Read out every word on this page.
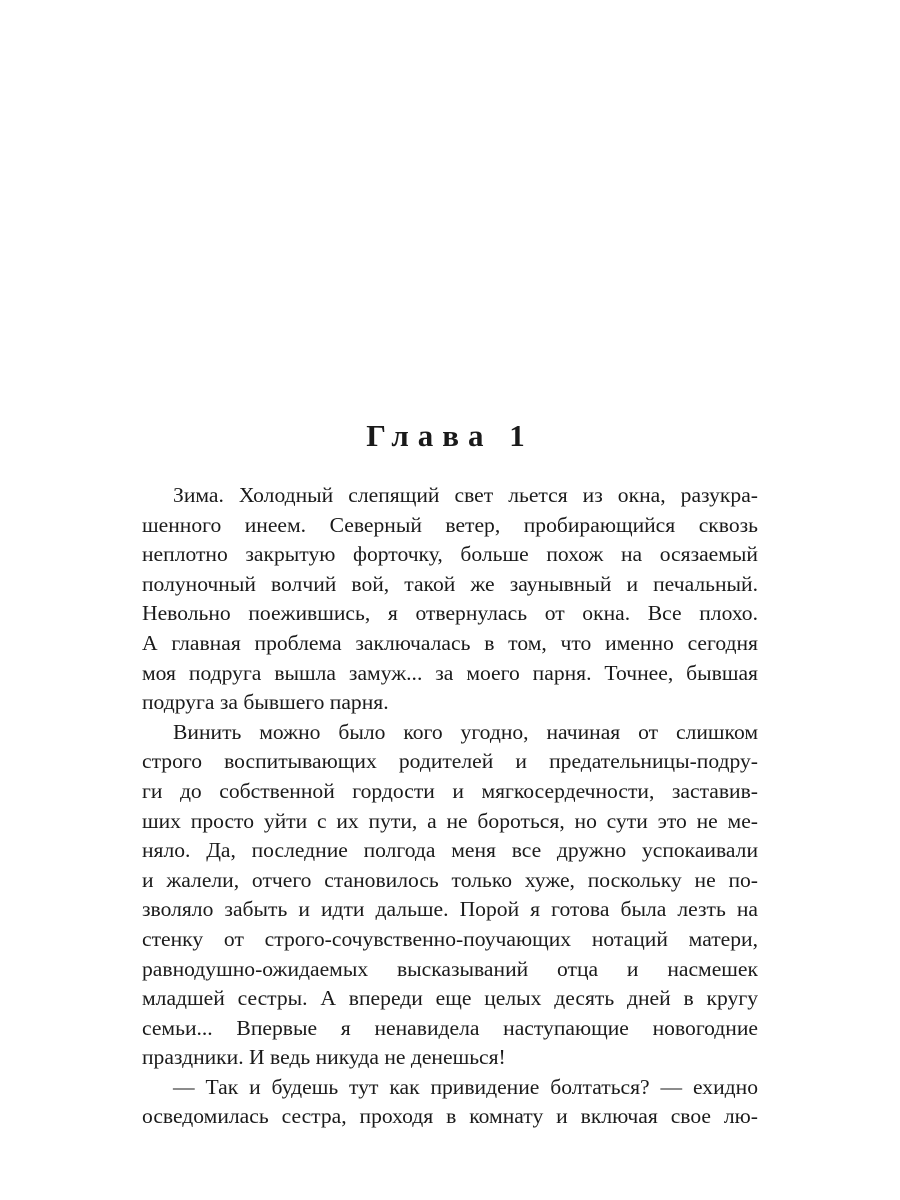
Глава 1
Зима. Холодный слепящий свет льется из окна, разукра-
шенного инеем. Северный ветер, пробирающийся сквозь
неплотно закрытую форточку, больше похож на осязаемый
полуночный волчий вой, такой же заунывный и печальный.
Невольно поежившись, я отвернулась от окна. Все плохо.
А главная проблема заключалась в том, что именно сегодня
моя подруга вышла замуж... за моего парня. Точнее, бывшая
подруга за бывшего парня.
Винить можно было кого угодно, начиная от слишком
строго воспитывающих родителей и предательницы-подру-
ги до собственной гордости и мягкосердечности, заставив-
ших просто уйти с их пути, а не бороться, но сути это не ме-
няло. Да, последние полгода меня все дружно успокаивали
и жалели, отчего становилось только хуже, поскольку не по-
зволяло забыть и идти дальше. Порой я готова была лезть на
стенку от строго-сочувственно-поучающих нотаций матери,
равнодушно-ожидаемых высказываний отца и насмешек
младшей сестры. А впереди еще целых десять дней в кругу
семьи... Впервые я ненавидела наступающие новогодние
праздники. И ведь никуда не денешься!
— Так и будешь тут как привидение болтаться? — ехидно
осведомилась сестра, проходя в комнату и включая свое лю-
